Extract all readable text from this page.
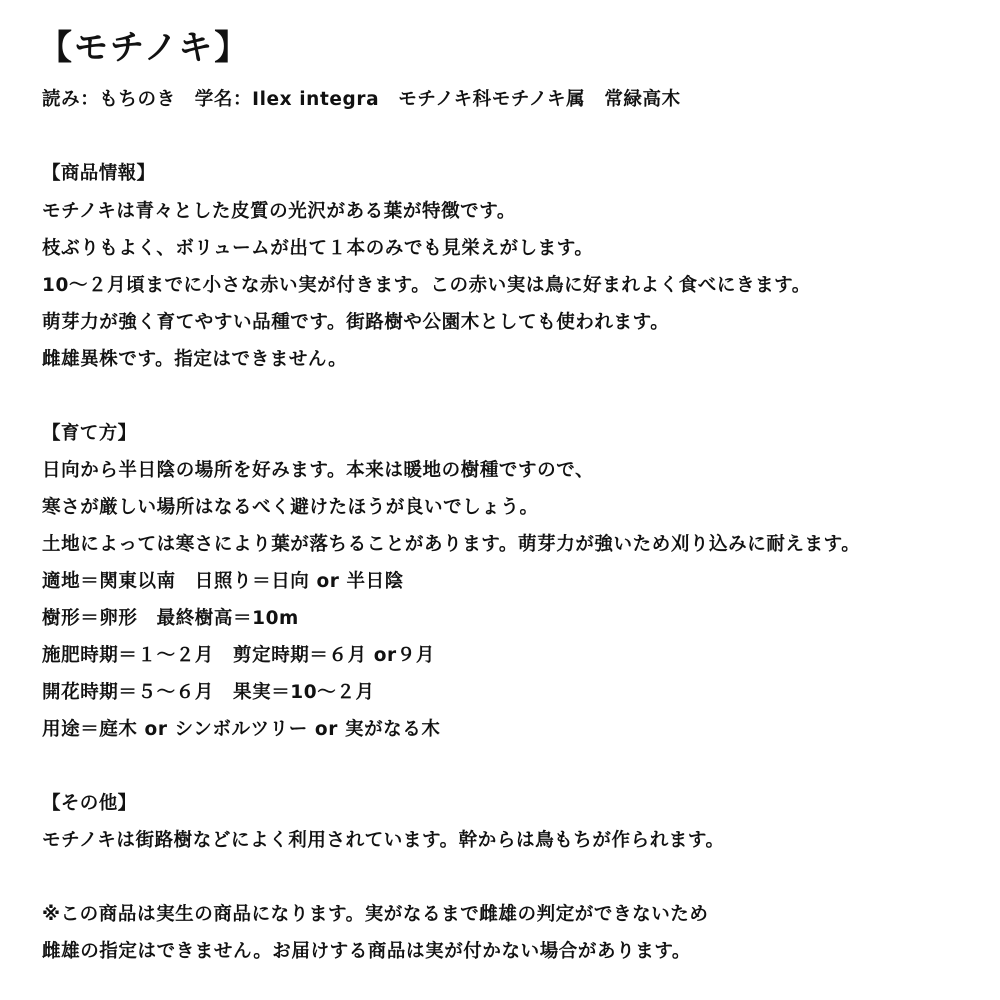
【モチノキ】
読み：もちのき　学名：Ilex integra　モチノキ科モチノキ属　常緑高木
【商品情報】
モチノキは青々とした皮質の光沢がある葉が特徴です。
枝ぶりもよく、ボリュームが出て１本のみでも見栄えがします。
10～２月頃までに小さな赤い実が付きます。この赤い実は鳥に好まれよく食べにきます。
萌芽力が強く育てやすい品種です。街路樹や公園木としても使われます。
雌雄異株です。指定はできません。
【育て方】
日向から半日陰の場所を好みます。本来は暖地の樹種ですので、
寒さが厳しい場所はなるべく避けたほうが良いでしょう。
土地によっては寒さにより葉が落ちることがあります。萌芽力が強いため刈り込みに耐えます。
適地＝関東以南　日照り＝日向 or 半日陰
樹形＝卵形　最終樹高＝10m
施肥時期＝１～２月　剪定時期＝６月 or９月
開花時期＝５～６月　果実＝10～２月
用途＝庭木 or シンボルツリー or 実がなる木
【その他】
モチノキは街路樹などによく利用されています。幹からは鳥もちが作られます。
※この商品は実生の商品になります。実がなるまで雌雄の判定ができないため
雌雄の指定はできません。お届けする商品は実が付かない場合があります。
